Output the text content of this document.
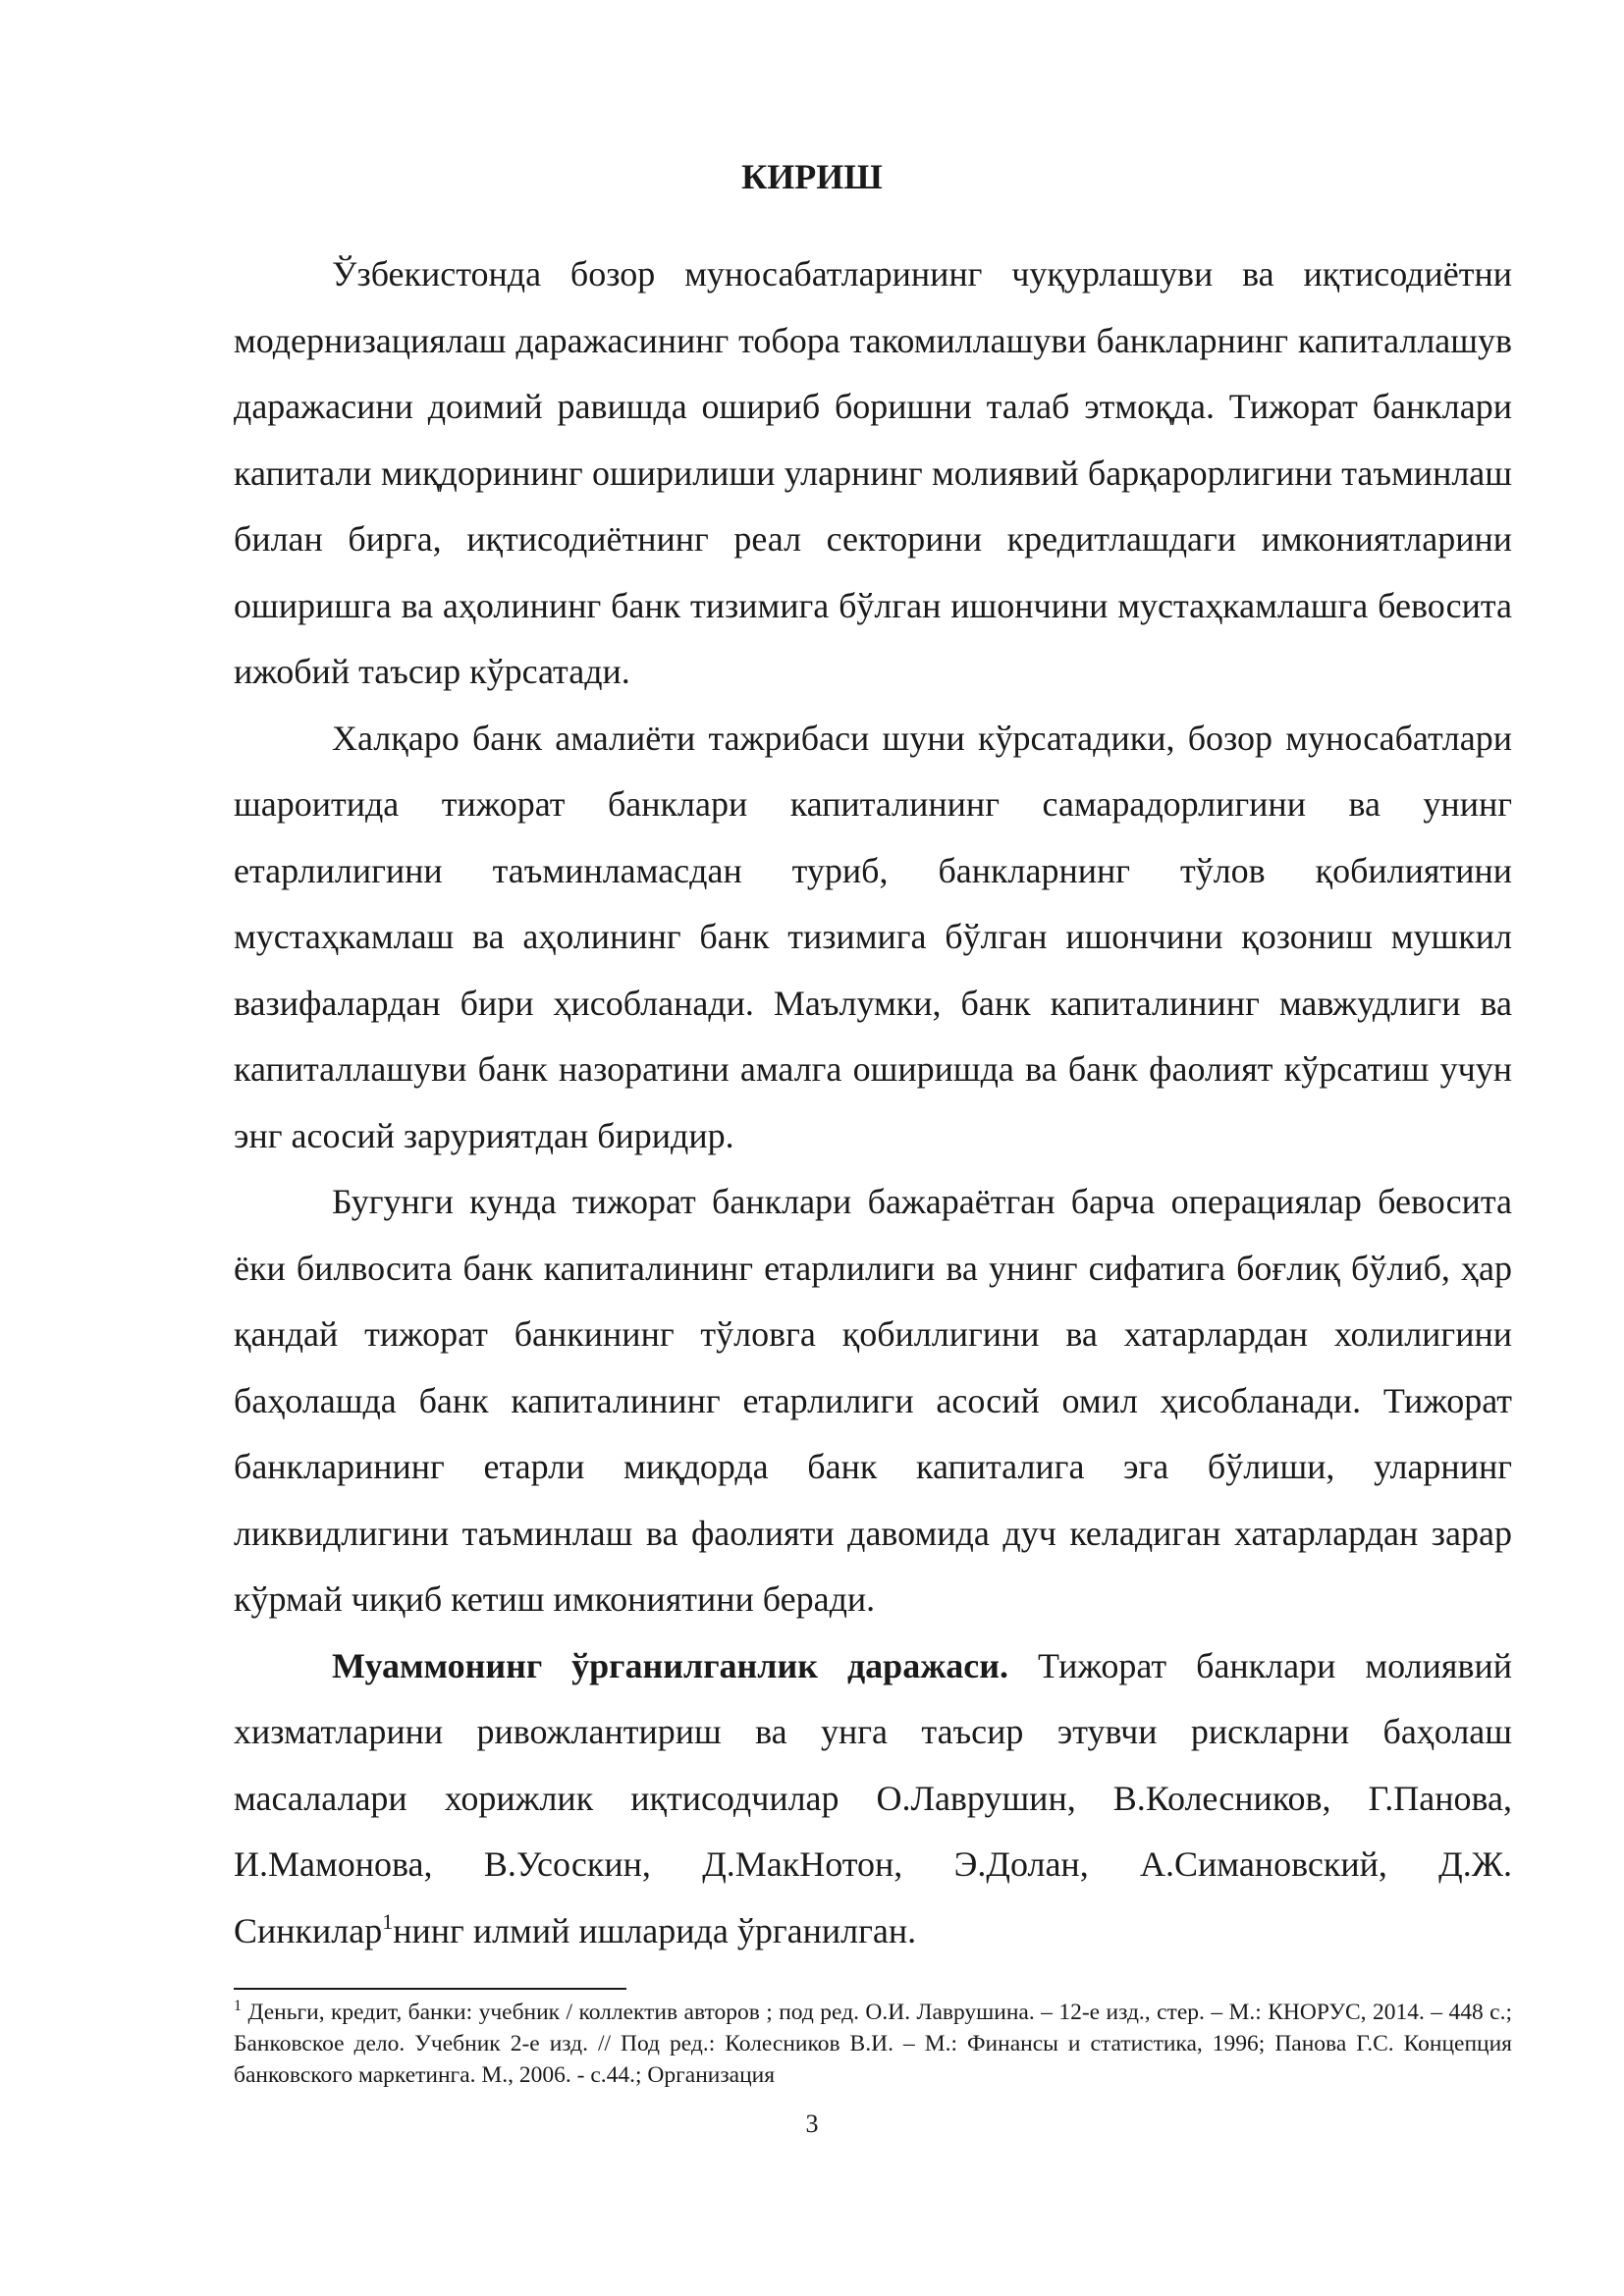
КИРИШ

Ўзбекистонда бозор муносабатларининг чуқурлашуви ва иқтисодиётни модернизациялаш даражасининг тобора такомиллашуви банкларнинг капиталлашув даражасини доимий равишда ошириб боришни талаб этмоқда. Тижорат банклари капитали миқдорининг оширилиши уларнинг молиявий барқарорлигини таъминлаш билан бирга, иқтисодиётнинг реал секторини кредитлашдаги имкониятларини оширишга ва аҳолининг банк тизимига бўлган ишончини мустаҳкамлашга бевосита ижобий таъсир кўрсатади.

Халқаро банк амалиёти тажрибаси шуни кўрсатадики, бозор муносабатлари шароитида тижорат банклари капиталининг самарадорлигини ва унинг етарлилигини таъминламасдан туриб, банкларнинг тўлов қобилиятини мустаҳкамлаш ва аҳолининг банк тизимига бўлган ишончини қозониш мушкил вазифалардан бири ҳисобланади. Маълумки, банк капиталининг мавжудлиги ва капиталлашуви банк назоратини амалга оширишда ва банк фаолият кўрсатиш учун энг асосий заруриятдан биридир.

Бугунги кунда тижорат банклари бажараётган барча операциялар бевосита ёки билвосита банк капиталининг етарлилиги ва унинг сифатига боғлиқ бўлиб, ҳар қандай тижорат банкининг тўловга қобиллигини ва хатарлардан холилигини баҳолашда банк капиталининг етарлилиги асосий омил ҳисобланади. Тижорат банкларининг етарли миқдорда банк капиталига эга бўлиши, уларнинг ликвидлигини таъминлаш ва фаолияти давомида дуч келадиган хатарлардан зарар кўрмай чиқиб кетиш имкониятини беради.

Муаммонинг ўрганилганлик даражаси. Тижорат банклари молиявий хизматларини ривожлантириш ва унга таъсир этувчи рискларни баҳолаш масалалари хорижлик иқтисодчилар О.Лаврушин, В.Колесников, Г.Панова, И.Мамонова, В.Усоскин, Д.МакНотон, Э.Долан, А.Симановский, Д.Ж. Синкилар$^1$нинг илмий ишларида ўрганилган.

$^1$ Деньги, кредит, банки: учебник / коллектив авторов ; под ред. О.И. Лаврушина. – 12-е изд., стер. – М.: КНОРУС, 2014. – 448 с.; Банковское дело. Учебник 2-е изд. // Под ред.: Колесников В.И. – М.: Финансы и статистика, 1996; Панова Г.С. Концепция банковского маркетинга. М., 2006. - с.44.; Организация
3
